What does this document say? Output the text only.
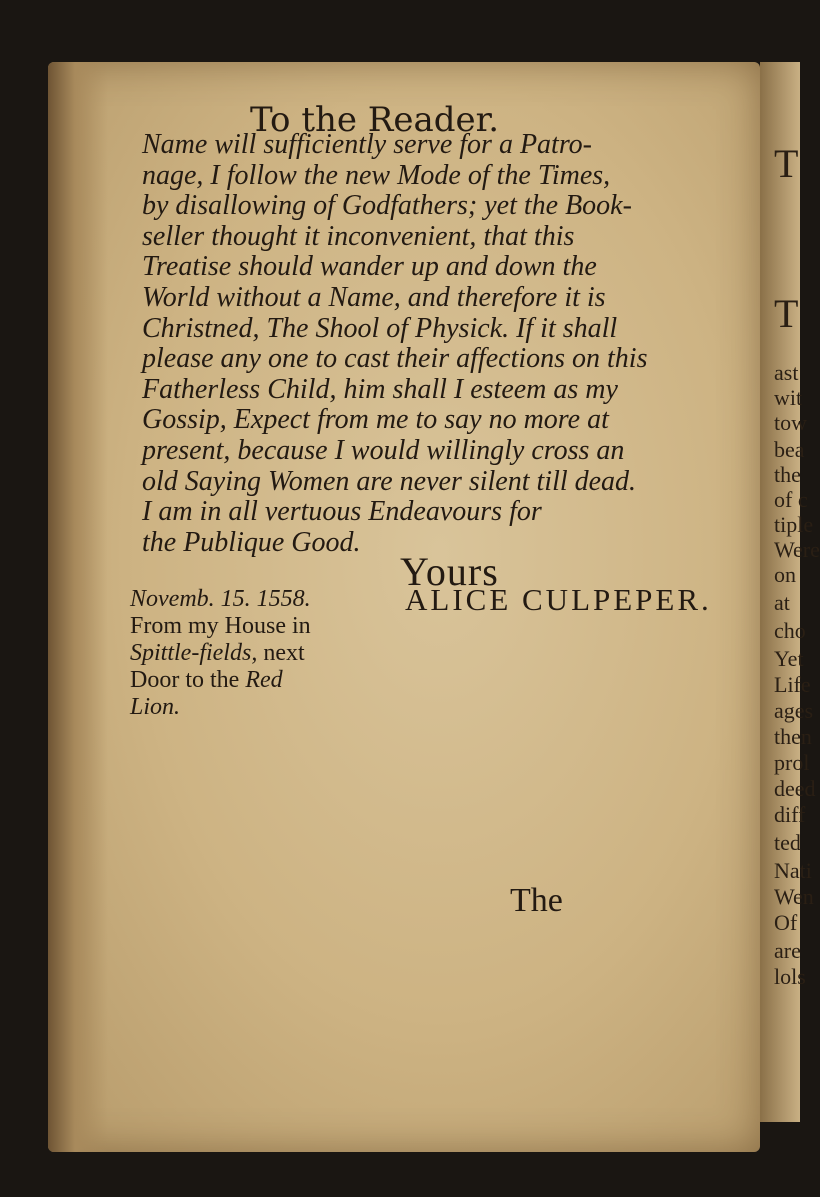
T
T
ast
wit
tow
bea
the
of c
tiple
Were
on
at
cho
Yet
Life
ages
then
prol
deed
diff
ted
Nati
Wen
Of
are
lols
To the Reader.
Name will sufficiently serve for a Patro-
nage, I follow the new Mode of the Times,
by disallowing of Godfathers; yet the Book-
seller thought it inconvenient, that this
Treatise should wander up and down the
World without a Name, and therefore it is
Christned, The Shool of Physick. If it shall
please any one to cast their affections on this
Fatherless Child, him shall I esteem as my
Gossip, Expect from me to say no more at
present, because I would willingly cross an
old Saying Women are never silent till dead.
I am in all vertuous Endeavours for
the Publique Good.
Yours
ALICE CULPEPER.
Novemb. 15. 1558.
From my House in
Spittle-fields, next
Door to the Red
Lion.
The
